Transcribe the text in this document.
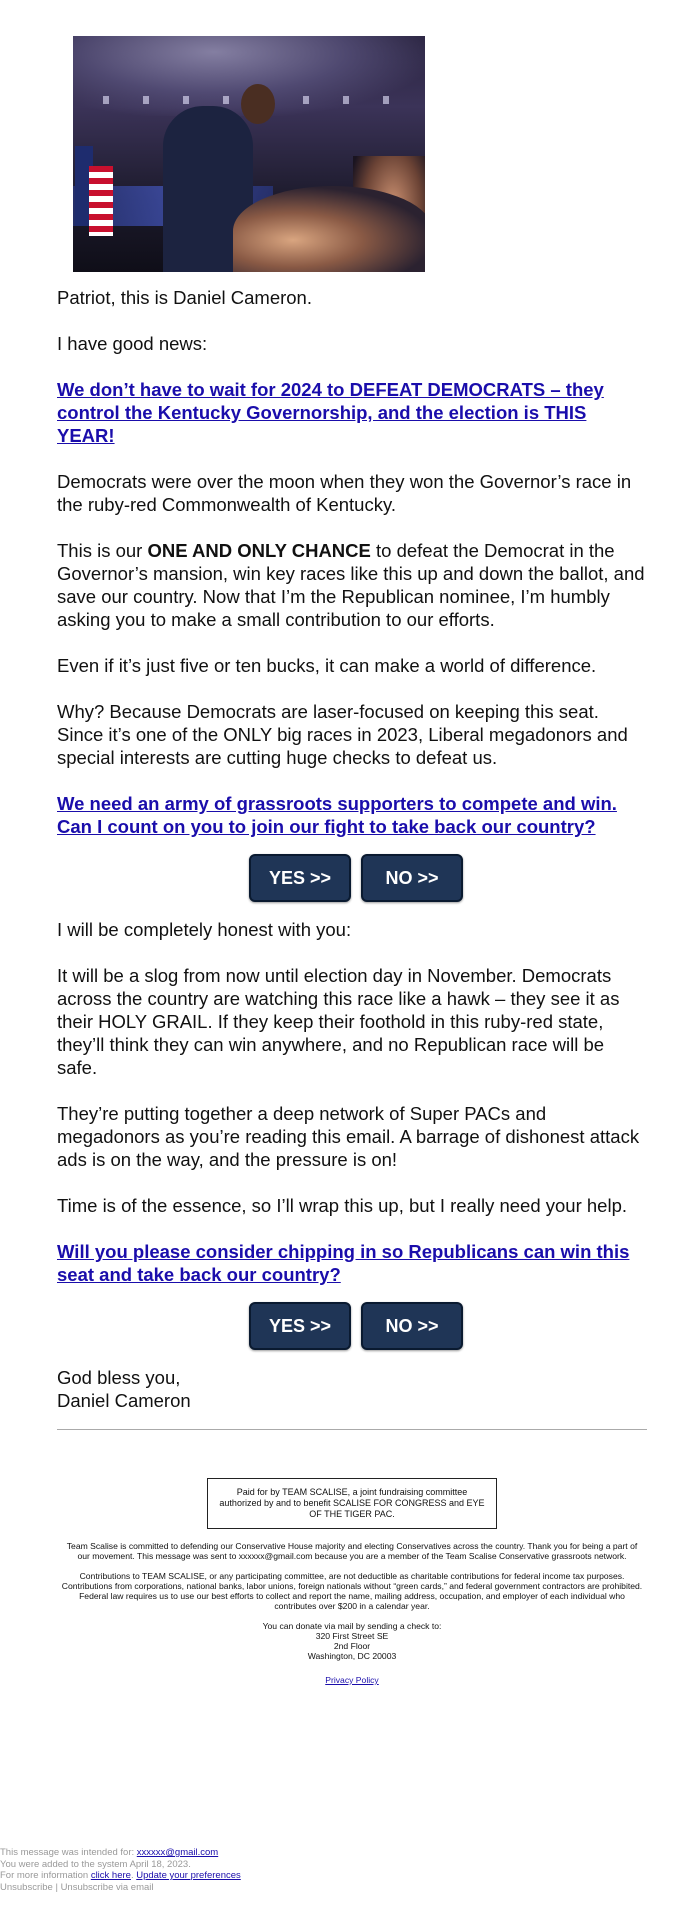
Patriot, this is Daniel Cameron.

I have good news:

We don’t have to wait for 2024 to DEFEAT DEMOCRATS – they control the Kentucky Governorship, and the election is THIS YEAR!

Democrats were over the moon when they won the Governor’s race in the ruby-red Commonwealth of Kentucky.

This is our ONE AND ONLY CHANCE to defeat the Democrat in the Governor’s mansion, win key races like this up and down the ballot, and save our country. Now that I’m the Republican nominee, I’m humbly asking you to make a small contribution to our efforts.

Even if it’s just five or ten bucks, it can make a world of difference.

Why? Because Democrats are laser-focused on keeping this seat. Since it’s one of the ONLY big races in 2023, Liberal megadonors and special interests are cutting huge checks to defeat us.

We need an army of grassroots supporters to compete and win. Can I count on you to join our fight to take back our country?
YES >>	NO >>

I will be completely honest with you:

It will be a slog from now until election day in November. Democrats across the country are watching this race like a hawk – they see it as their HOLY GRAIL. If they keep their foothold in this ruby-red state, they’ll think they can win anywhere, and no Republican race will be safe.

They’re putting together a deep network of Super PACs and megadonors as you’re reading this email. A barrage of dishonest attack ads is on the way, and the pressure is on!

Time is of the essence, so I’ll wrap this up, but I really need your help.

Will you please consider chipping in so Republicans can win this seat and take back our country?
YES >>	NO >>

God bless you,

Daniel Cameron

Paid for by TEAM SCALISE, a joint fundraising committee authorized by and to benefit SCALISE FOR CONGRESS and EYE OF THE TIGER PAC.

Team Scalise is committed to defending our Conservative House majority and electing Conservatives across the country. Thank you for being a part of our movement. This message was sent to xxxxxx@gmail.com because you are a member of the Team Scalise Conservative grassroots network.

Contributions to TEAM SCALISE, or any participating committee, are not deductible as charitable contributions for federal income tax purposes. Contributions from corporations, national banks, labor unions, foreign nationals without “green cards,” and federal government contractors are prohibited. Federal law requires us to use our best efforts to collect and report the name, mailing address, occupation, and employer of each individual who contributes over $200 in a calendar year.

You can donate via mail by sending a check to:

320 First Street SE

2nd Floor

Washington, DC 20003

Privacy Policy

This message was intended for: xxxxxx@gmail.com
You were added to the system April 18, 2023.
For more information click here. Update your preferences
Unsubscribe | Unsubscribe via email
